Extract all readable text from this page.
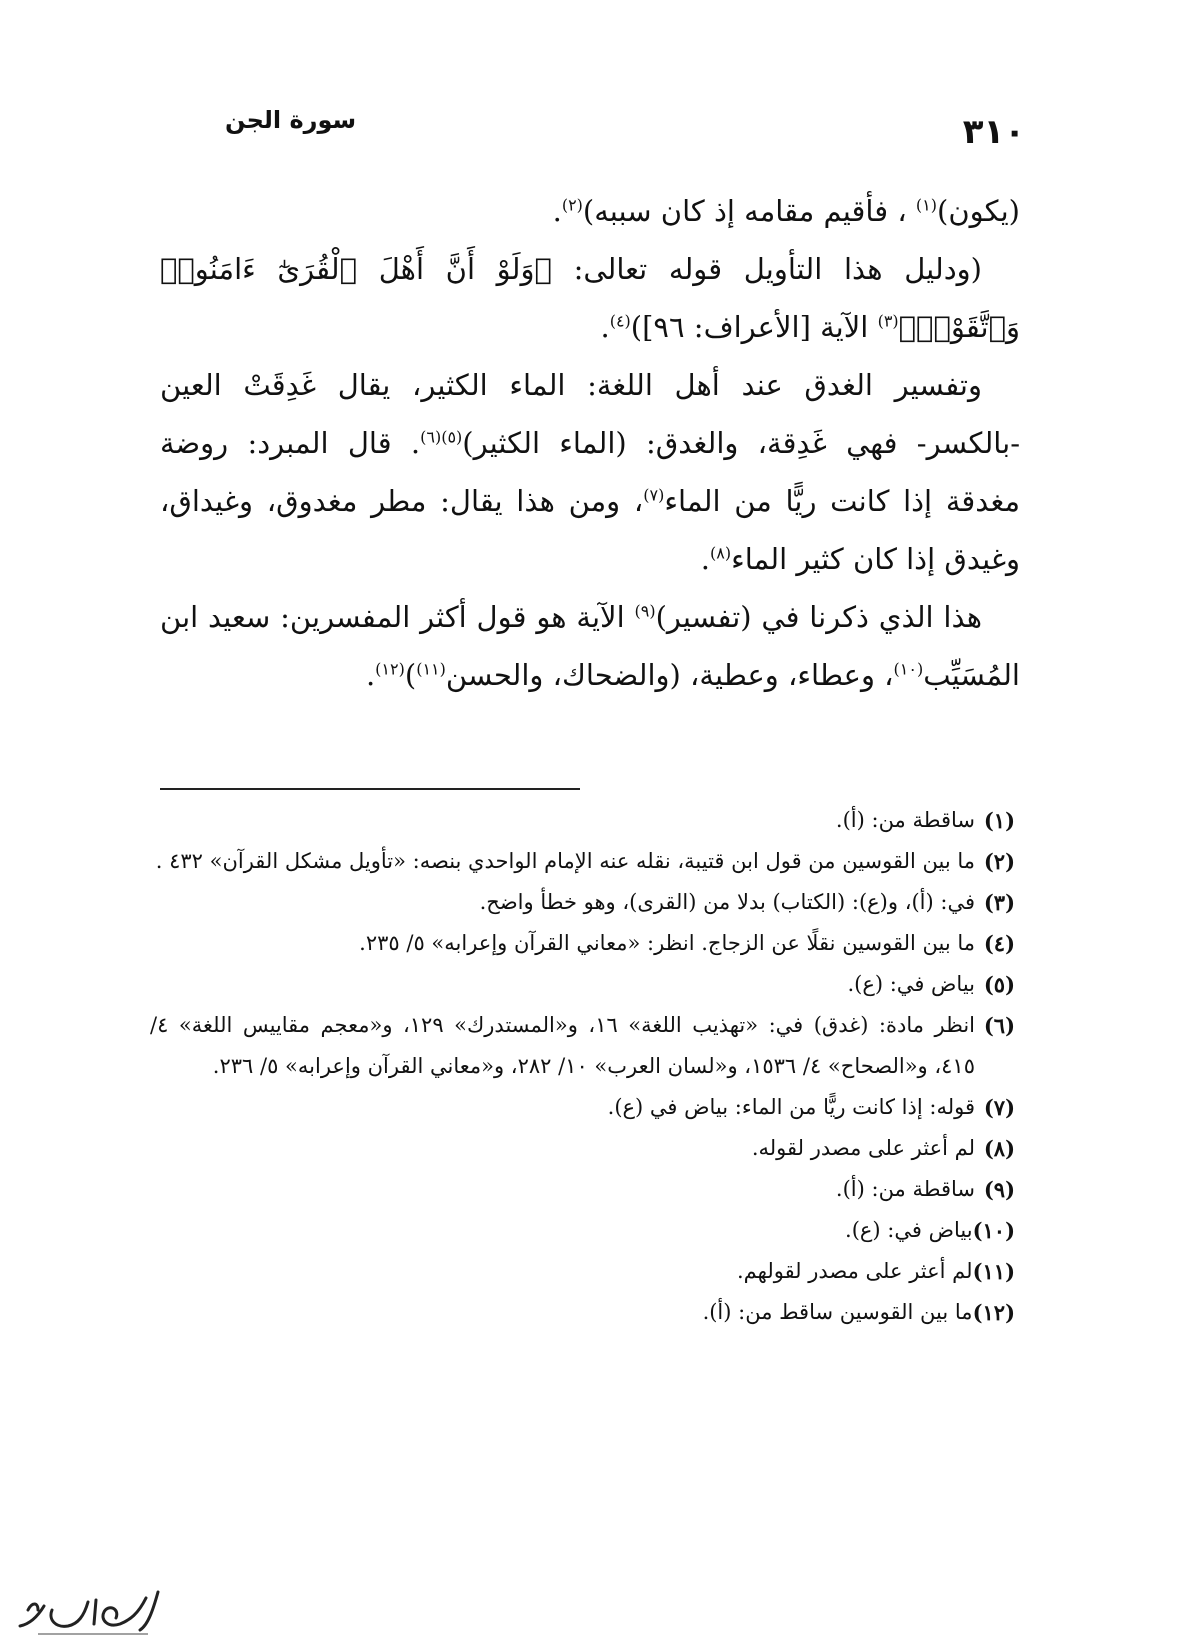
٣١٠
سورة الجن

(يكون)$^{(١)}$ ، فأقيم مقامه إذ كان سببه)$^{(٢)}$.

(ودليل هذا التأويل قوله تعالى: ﴿وَلَوْ أَنَّ أَهْلَ ٱلْقُرَىٰٓ ءَامَنُوا۟ وَٱتَّقَوْا۟﴾$^{(٣)}$ الآية [الأعراف: ٩٦])$^{(٤)}$.

وتفسير الغدق عند أهل اللغة: الماء الكثير، يقال غَدِقَتْ العين -بالكسر- فهي غَدِقة، والغدق: (الماء الكثير)$^{(٥)(٦)}$. قال المبرد: روضة مغدقة إذا كانت ريًّا من الماء$^{(٧)}$، ومن هذا يقال: مطر مغدوق، وغيداق، وغيدق إذا كان كثير الماء$^{(٨)}$.

هذا الذي ذكرنا في (تفسير)$^{(٩)}$ الآية هو قول أكثر المفسرين: سعيد ابن المُسَيِّب$^{(١٠)}$، وعطاء، وعطية، (والضحاك، والحسن$^{(١١)}$)$^{(١٢)}$.

(١)
ساقطة من: (أ).
(٢)
ما بين القوسين من قول ابن قتيبة، نقله عنه الإمام الواحدي بنصه: «تأويل مشكل القرآن» ٤٣٢ .
(٣)
في: (أ)، و(ع): (الكتاب) بدلا من (القرى)، وهو خطأ واضح.
(٤)
ما بين القوسين نقلًا عن الزجاج. انظر: «معاني القرآن وإعرابه» ٥/ ٢٣٥.
(٥)
بياض في: (ع).
(٦)
انظر مادة: (غدق) في: «تهذيب اللغة» ١٦، و«المستدرك» ١٢٩، و«معجم مقاييس اللغة» ٤/ ٤١٥، و«الصحاح» ٤/ ١٥٣٦، و«لسان العرب» ١٠/ ٢٨٢، و«معاني القرآن وإعرابه» ٥/ ٢٣٦.
(٧)
قوله: إذا كانت ريًّا من الماء: بياض في (ع).
(٨)
لم أعثر على مصدر لقوله.
(٩)
ساقطة من: (أ).
(١٠)
بياض في: (ع).
(١١)
لم أعثر على مصدر لقولهم.
(١٢)
ما بين القوسين ساقط من: (أ).
